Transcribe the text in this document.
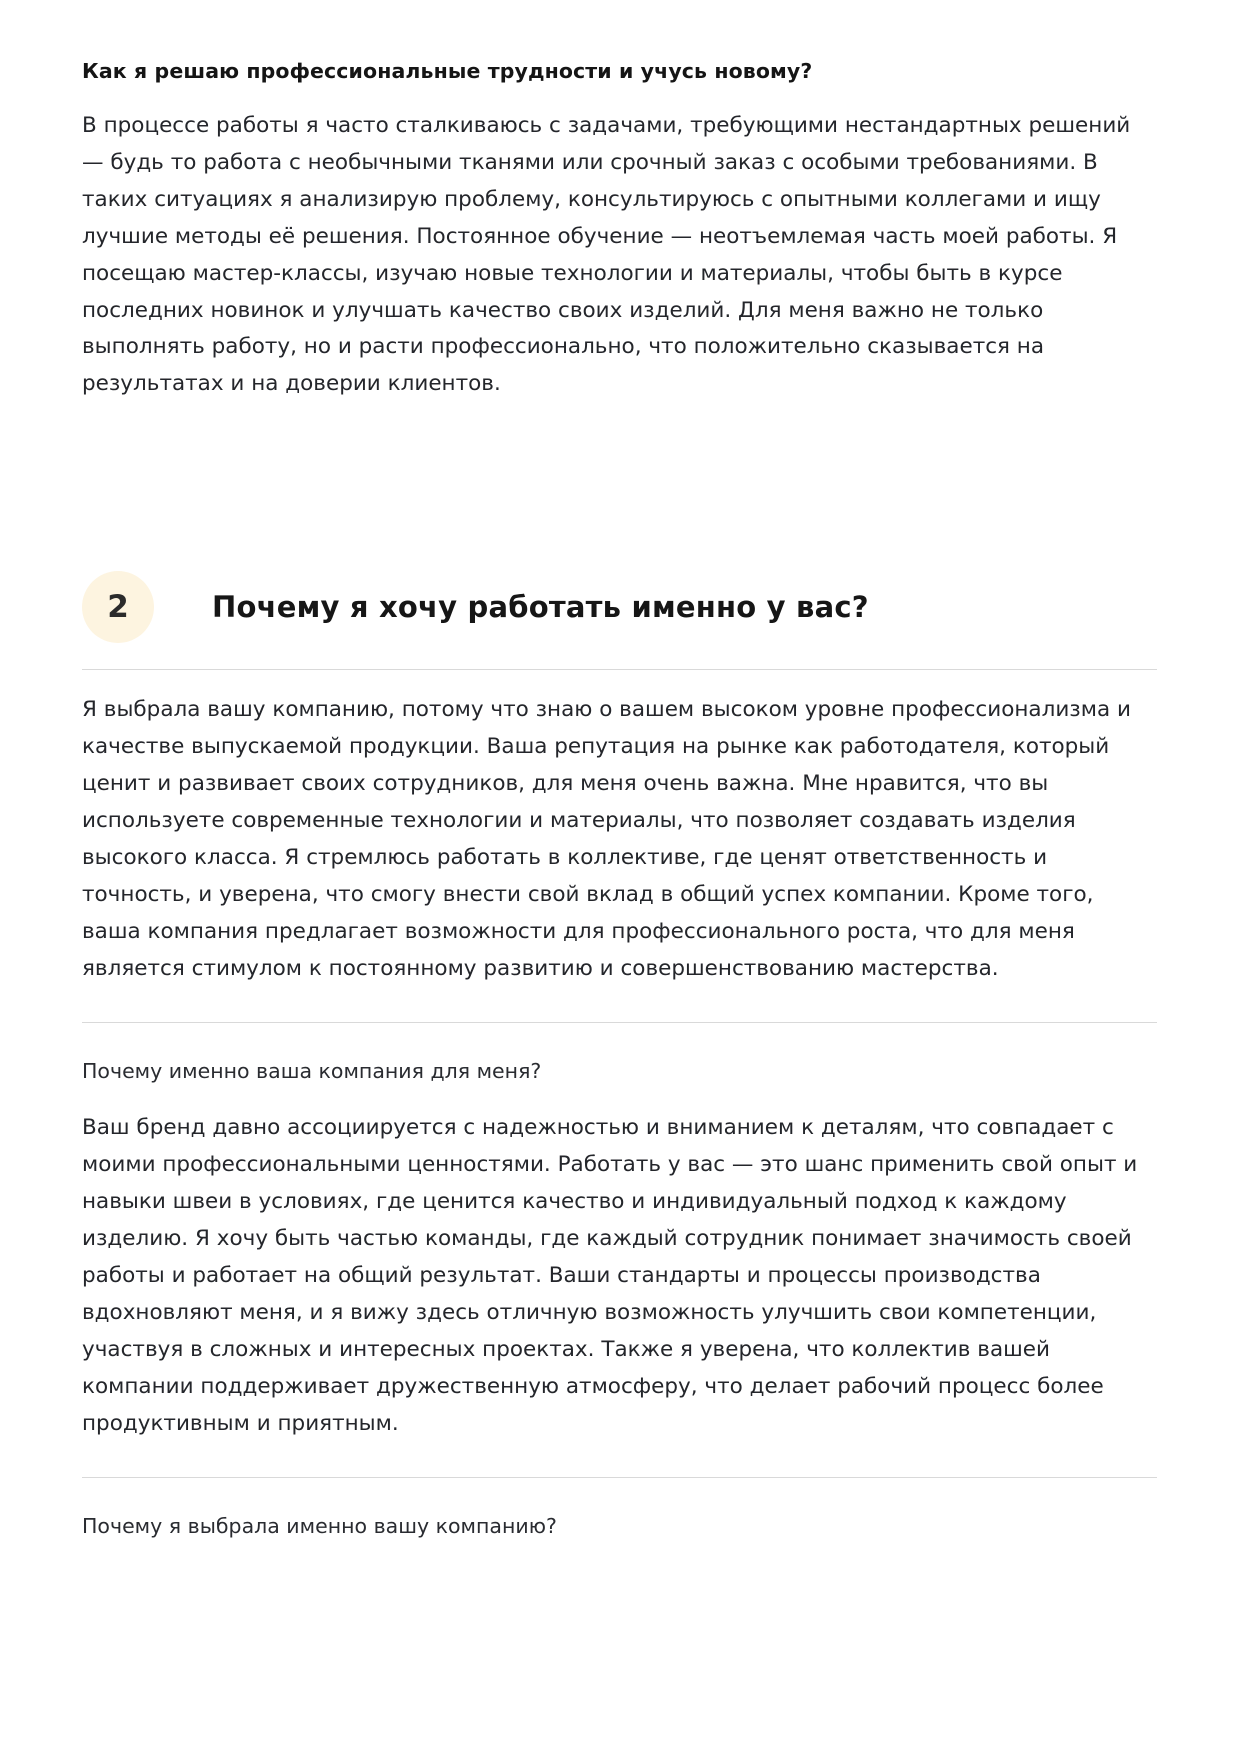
Как я решаю профессиональные трудности и учусь новому?

В процессе работы я часто сталкиваюсь с задачами, требующими нестандартных решений — будь то работа с необычными тканями или срочный заказ с особыми требованиями. В таких ситуациях я анализирую проблему, консультируюсь с опытными коллегами и ищу лучшие методы её решения. Постоянное обучение — неотъемлемая часть моей работы. Я посещаю мастер-классы, изучаю новые технологии и материалы, чтобы быть в курсе последних новинок и улучшать качество своих изделий. Для меня важно не только выполнять работу, но и расти профессионально, что положительно сказывается на результатах и на доверии клиентов.

2	Почему я хочу работать именно у вас?

Я выбрала вашу компанию, потому что знаю о вашем высоком уровне профессионализма и качестве выпускаемой продукции. Ваша репутация на рынке как работодателя, который ценит и развивает своих сотрудников, для меня очень важна. Мне нравится, что вы используете современные технологии и материалы, что позволяет создавать изделия высокого класса. Я стремлюсь работать в коллективе, где ценят ответственность и точность, и уверена, что смогу внести свой вклад в общий успех компании. Кроме того, ваша компания предлагает возможности для профессионального роста, что для меня является стимулом к постоянному развитию и совершенствованию мастерства.

Почему именно ваша компания для меня?

Ваш бренд давно ассоциируется с надежностью и вниманием к деталям, что совпадает с моими профессиональными ценностями. Работать у вас — это шанс применить свой опыт и навыки швеи в условиях, где ценится качество и индивидуальный подход к каждому изделию. Я хочу быть частью команды, где каждый сотрудник понимает значимость своей работы и работает на общий результат. Ваши стандарты и процессы производства вдохновляют меня, и я вижу здесь отличную возможность улучшить свои компетенции, участвуя в сложных и интересных проектах. Также я уверена, что коллектив вашей компании поддерживает дружественную атмосферу, что делает рабочий процесс более продуктивным и приятным.

Почему я выбрала именно вашу компанию?
